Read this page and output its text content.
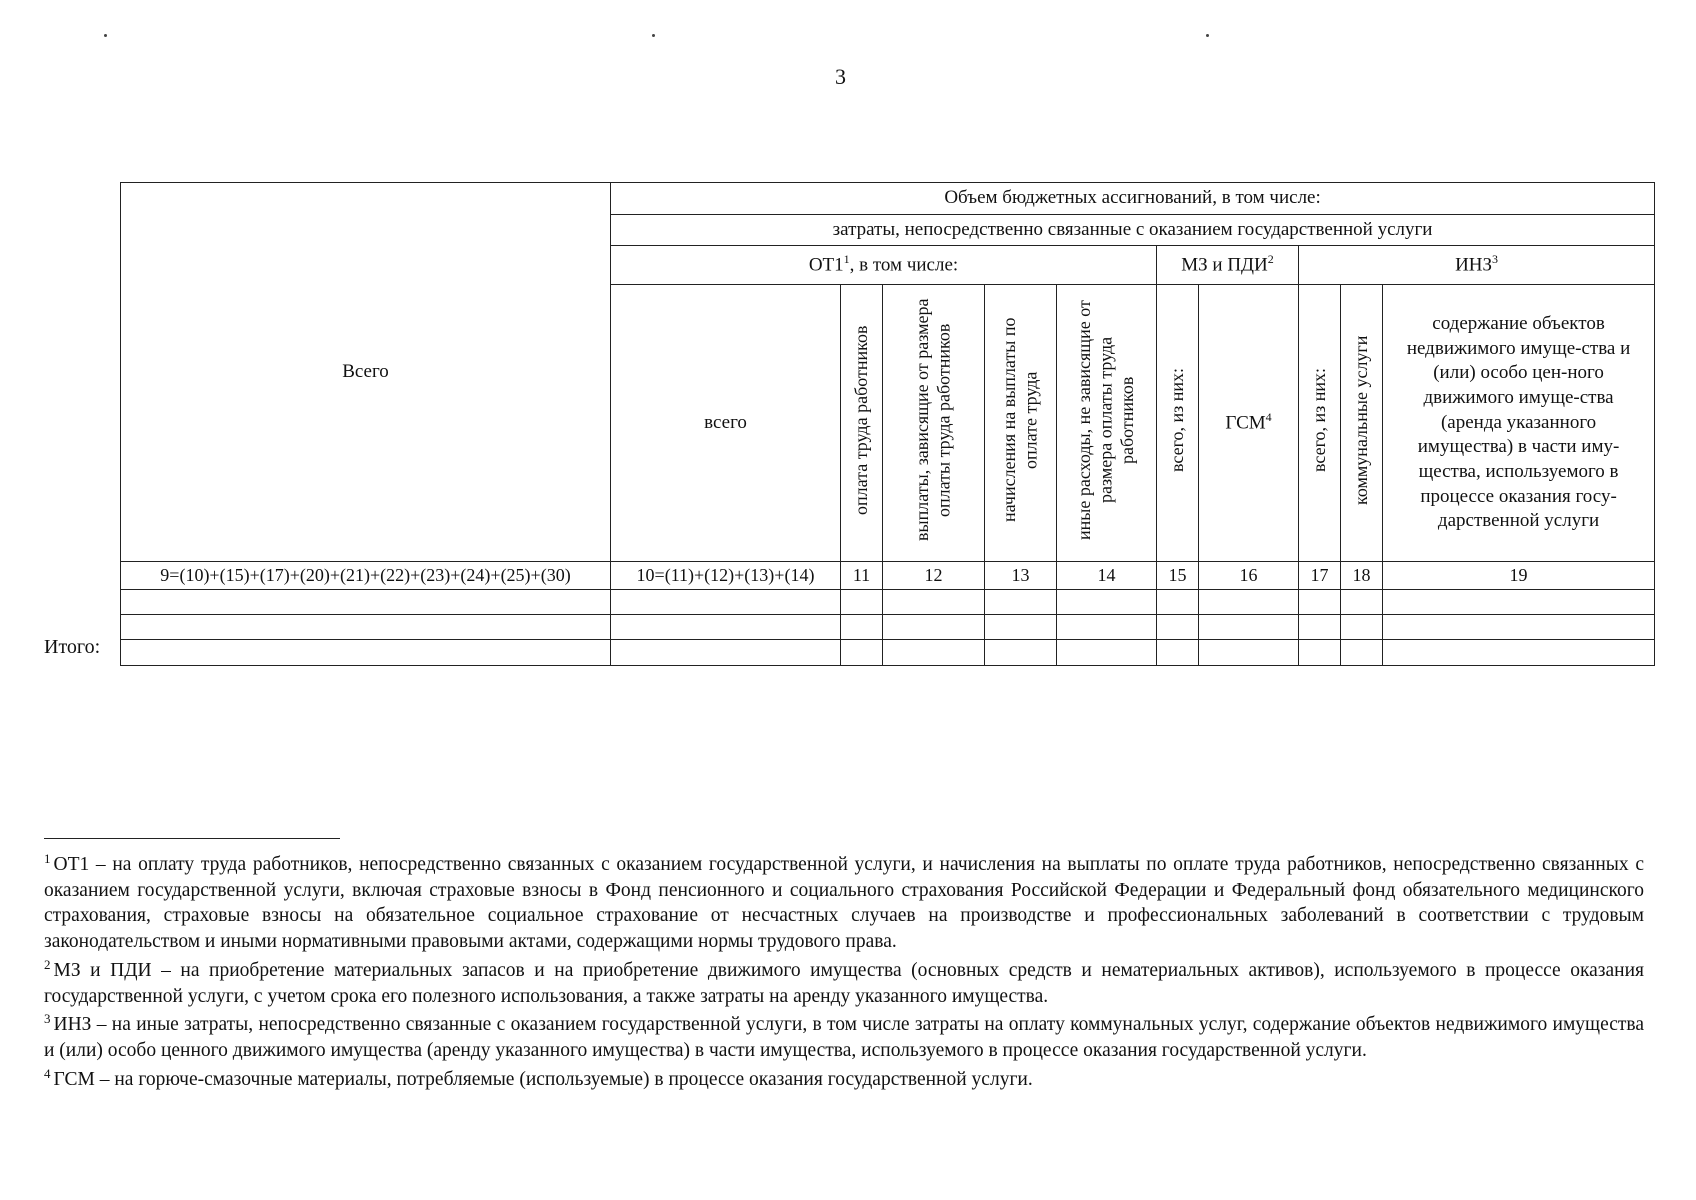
3
Всего	Объем бюджетных ассигнований, в том числе:									
	затраты, непосредственно связанные с оказанием государственной услуги									
	$ОТ1^1$, в том числе:					МЗ и ПДИ$^2$		ИНЗ$^3$
	всего	оплата труда работников	выплаты, зависящие от размера оплаты труда работников	начисления на выплаты по оплате труда	иные расходы, не зависящие от размера оплаты труда работников	всего, из них:	ГСМ$^4$	всего, из них:	коммунальные услуги	содержание объектов недвижимого имуще-ства и (или) особо цен-ного движимого имуще-ства (аренда указанного имущества) в части иму-щества, используемого в процессе оказания госу-дарственной услуги

9=(10)+(15)+(17)+(20)+(21)+(22)+(23)+(24)+(25)+(30)	10=(11)+(12)+(13)+(14)	11	12	13	14	15	16	17	18	19

Итого:

$^1$ ОТ1 – на оплату труда работников, непосредственно связанных с оказанием государственной услуги, и начисления на выплаты по оплате труда работников, непосредственно связанных с оказанием государственной услуги, включая страховые взносы в Фонд пенсионного и социального страхования Российской Федерации и Федеральный фонд обязательного медицинского страхования, страховые взносы на обязательное социальное страхование от несчастных случаев на производстве и профессиональных заболеваний в соответствии с трудовым законодательством и иными нормативными правовыми актами, содержащими нормы трудового права.

$^2$ МЗ и ПДИ – на приобретение материальных запасов и на приобретение движимого имущества (основных средств и нематериальных активов), используемого в процессе оказания государственной услуги, с учетом срока его полезного использования, а также затраты на аренду указанного имущества.

$^3$ ИНЗ – на иные затраты, непосредственно связанные с оказанием государственной услуги, в том числе затраты на оплату коммунальных услуг, содержание объектов недвижимого имущества и (или) особо ценного движимого имущества (аренду указанного имущества) в части имущества, используемого в процессе оказания государственной услуги.

$^4$ ГСМ – на горюче-смазочные материалы, потребляемые (используемые) в процессе оказания государственной услуги.
